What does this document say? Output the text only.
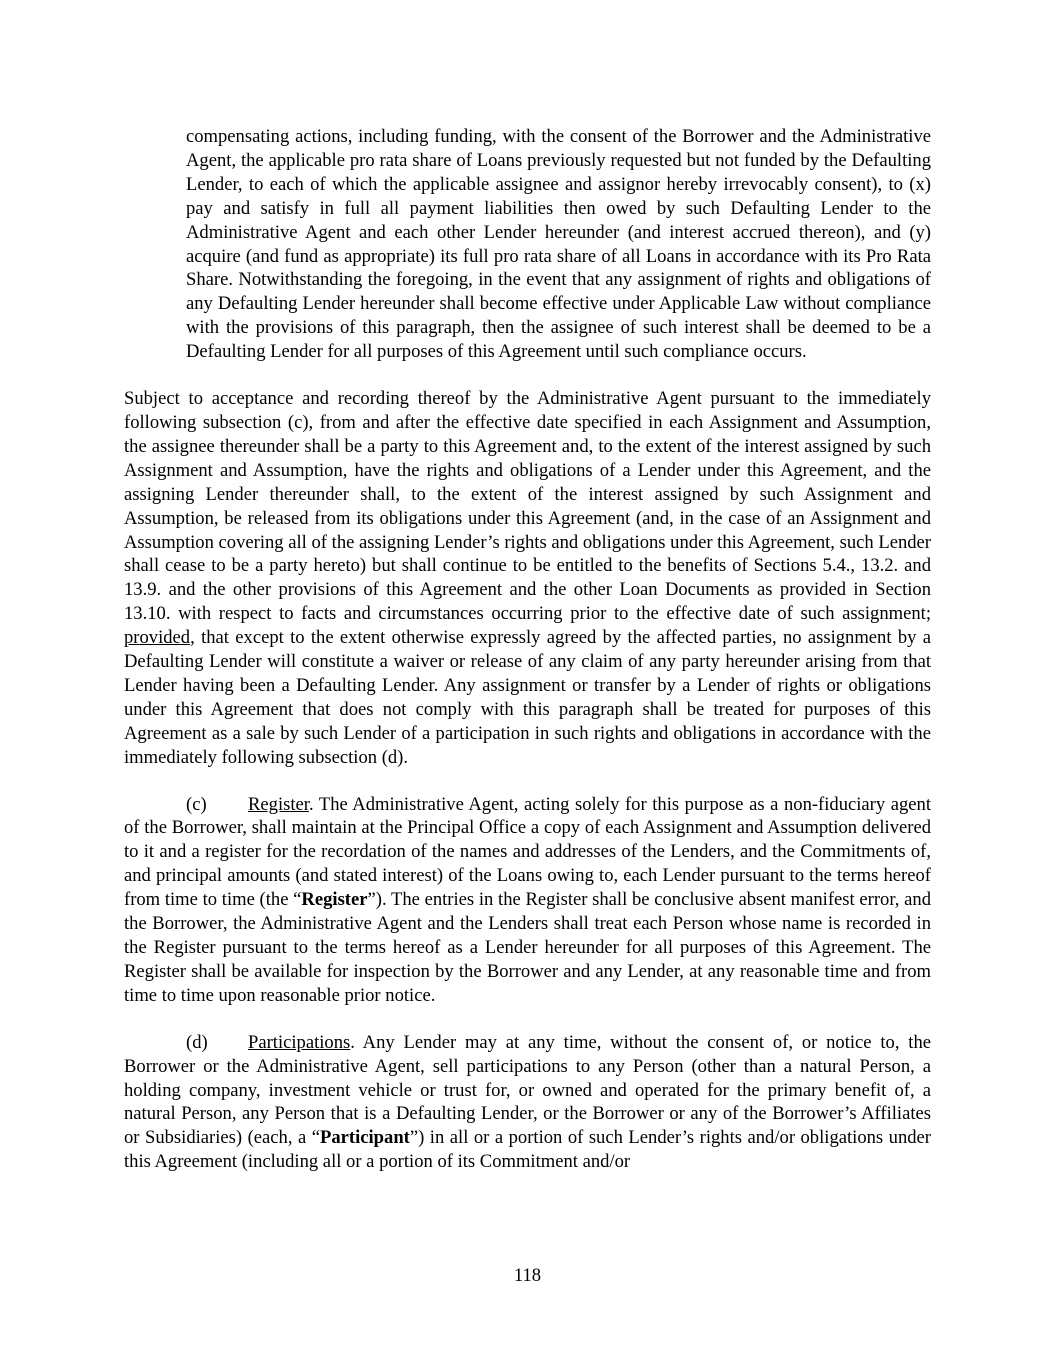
compensating actions, including funding, with the consent of the Borrower and the Administrative Agent, the applicable pro rata share of Loans previously requested but not funded by the Defaulting Lender, to each of which the applicable assignee and assignor hereby irrevocably consent), to (x) pay and satisfy in full all payment liabilities then owed by such Defaulting Lender to the Administrative Agent and each other Lender hereunder (and interest accrued thereon), and (y) acquire (and fund as appropriate) its full pro rata share of all Loans in accordance with its Pro Rata Share. Notwithstanding the foregoing, in the event that any assignment of rights and obligations of any Defaulting Lender hereunder shall become effective under Applicable Law without compliance with the provisions of this paragraph, then the assignee of such interest shall be deemed to be a Defaulting Lender for all purposes of this Agreement until such compliance occurs.

Subject to acceptance and recording thereof by the Administrative Agent pursuant to the immediately following subsection (c), from and after the effective date specified in each Assignment and Assumption, the assignee thereunder shall be a party to this Agreement and, to the extent of the interest assigned by such Assignment and Assumption, have the rights and obligations of a Lender under this Agreement, and the assigning Lender thereunder shall, to the extent of the interest assigned by such Assignment and Assumption, be released from its obligations under this Agreement (and, in the case of an Assignment and Assumption covering all of the assigning Lender’s rights and obligations under this Agreement, such Lender shall cease to be a party hereto) but shall continue to be entitled to the benefits of Sections 5.4., 13.2. and 13.9. and the other provisions of this Agreement and the other Loan Documents as provided in Section 13.10. with respect to facts and circumstances occurring prior to the effective date of such assignment; provided, that except to the extent otherwise expressly agreed by the affected parties, no assignment by a Defaulting Lender will constitute a waiver or release of any claim of any party hereunder arising from that Lender having been a Defaulting Lender. Any assignment or transfer by a Lender of rights or obligations under this Agreement that does not comply with this paragraph shall be treated for purposes of this Agreement as a sale by such Lender of a participation in such rights and obligations in accordance with the immediately following subsection (d).

(c) Register. The Administrative Agent, acting solely for this purpose as a non-fiduciary agent of the Borrower, shall maintain at the Principal Office a copy of each Assignment and Assumption delivered to it and a register for the recordation of the names and addresses of the Lenders, and the Commitments of, and principal amounts (and stated interest) of the Loans owing to, each Lender pursuant to the terms hereof from time to time (the “Register”). The entries in the Register shall be conclusive absent manifest error, and the Borrower, the Administrative Agent and the Lenders shall treat each Person whose name is recorded in the Register pursuant to the terms hereof as a Lender hereunder for all purposes of this Agreement. The Register shall be available for inspection by the Borrower and any Lender, at any reasonable time and from time to time upon reasonable prior notice.

(d) Participations. Any Lender may at any time, without the consent of, or notice to, the Borrower or the Administrative Agent, sell participations to any Person (other than a natural Person, a holding company, investment vehicle or trust for, or owned and operated for the primary benefit of, a natural Person, any Person that is a Defaulting Lender, or the Borrower or any of the Borrower’s Affiliates or Subsidiaries) (each, a “Participant”) in all or a portion of such Lender’s rights and/or obligations under this Agreement (including all or a portion of its Commitment and/or

118
